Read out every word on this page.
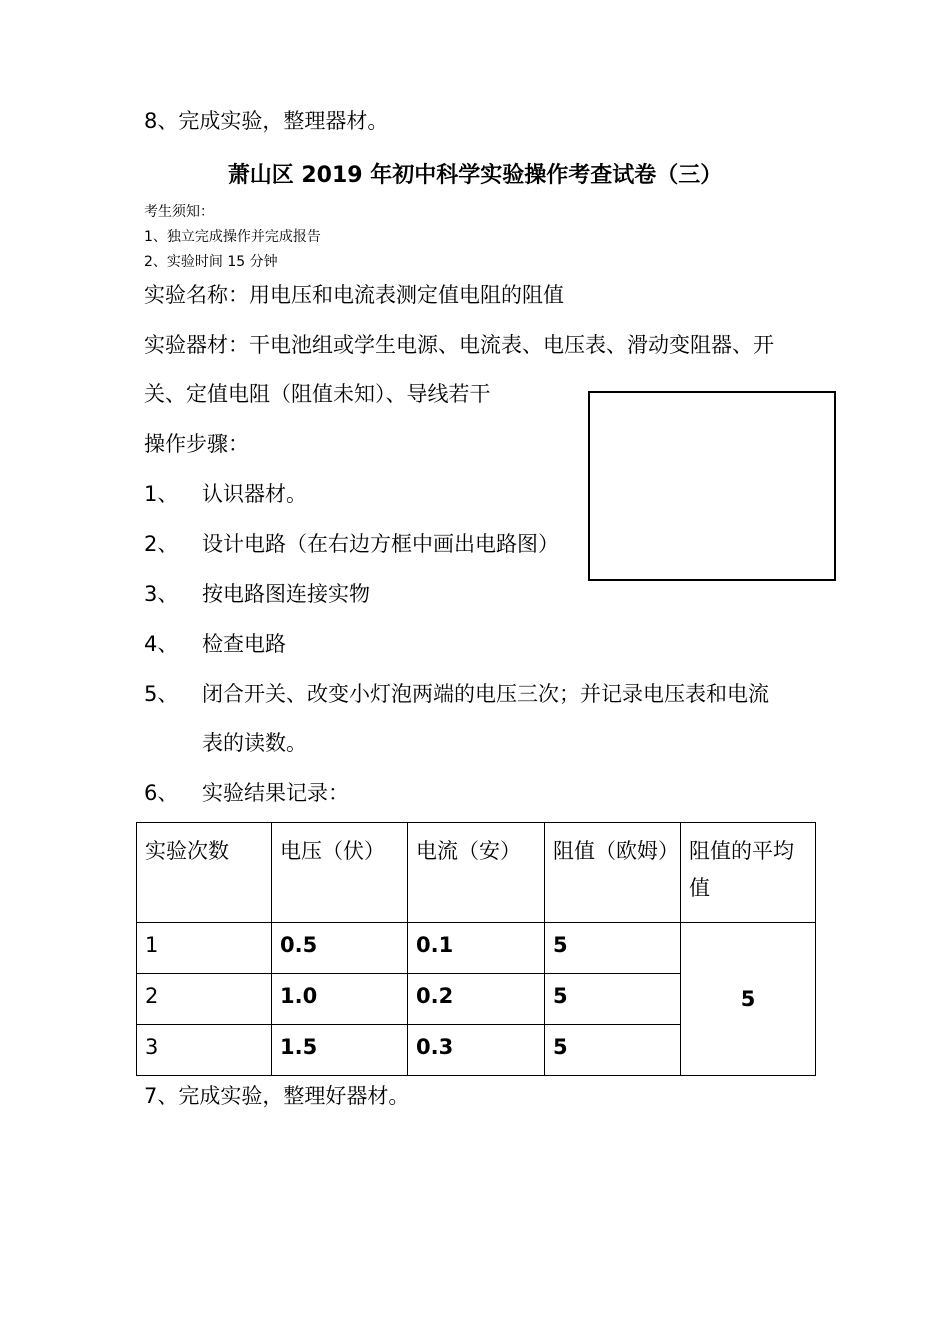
8、完成实验，整理器材。
萧山区 2019 年初中科学实验操作考查试卷（三）
考生须知：
1、独立完成操作并完成报告
2、实验时间 15 分钟
实验名称：用电压和电流表测定值电阻的阻值
实验器材：干电池组或学生电源、电流表、电压表、滑动变阻器、开
关、定值电阻（阻值未知）、导线若干
操作步骤：
1、 认识器材。
2、 设计电路（在右边方框中画出电路图）
3、 按电路图连接实物
4、 检查电路
5、 闭合开关、改变小灯泡两端的电压三次；并记录电压表和电流
表的读数。
6、 实验结果记录：
实验次数	电压（伏）	电流（安）	阻值（欧姆）	阻值的平均值
1	0.5	0.1	5	5
2	1.0	0.2	5	
3	1.5	0.3	5	
7、完成实验，整理好器材。
